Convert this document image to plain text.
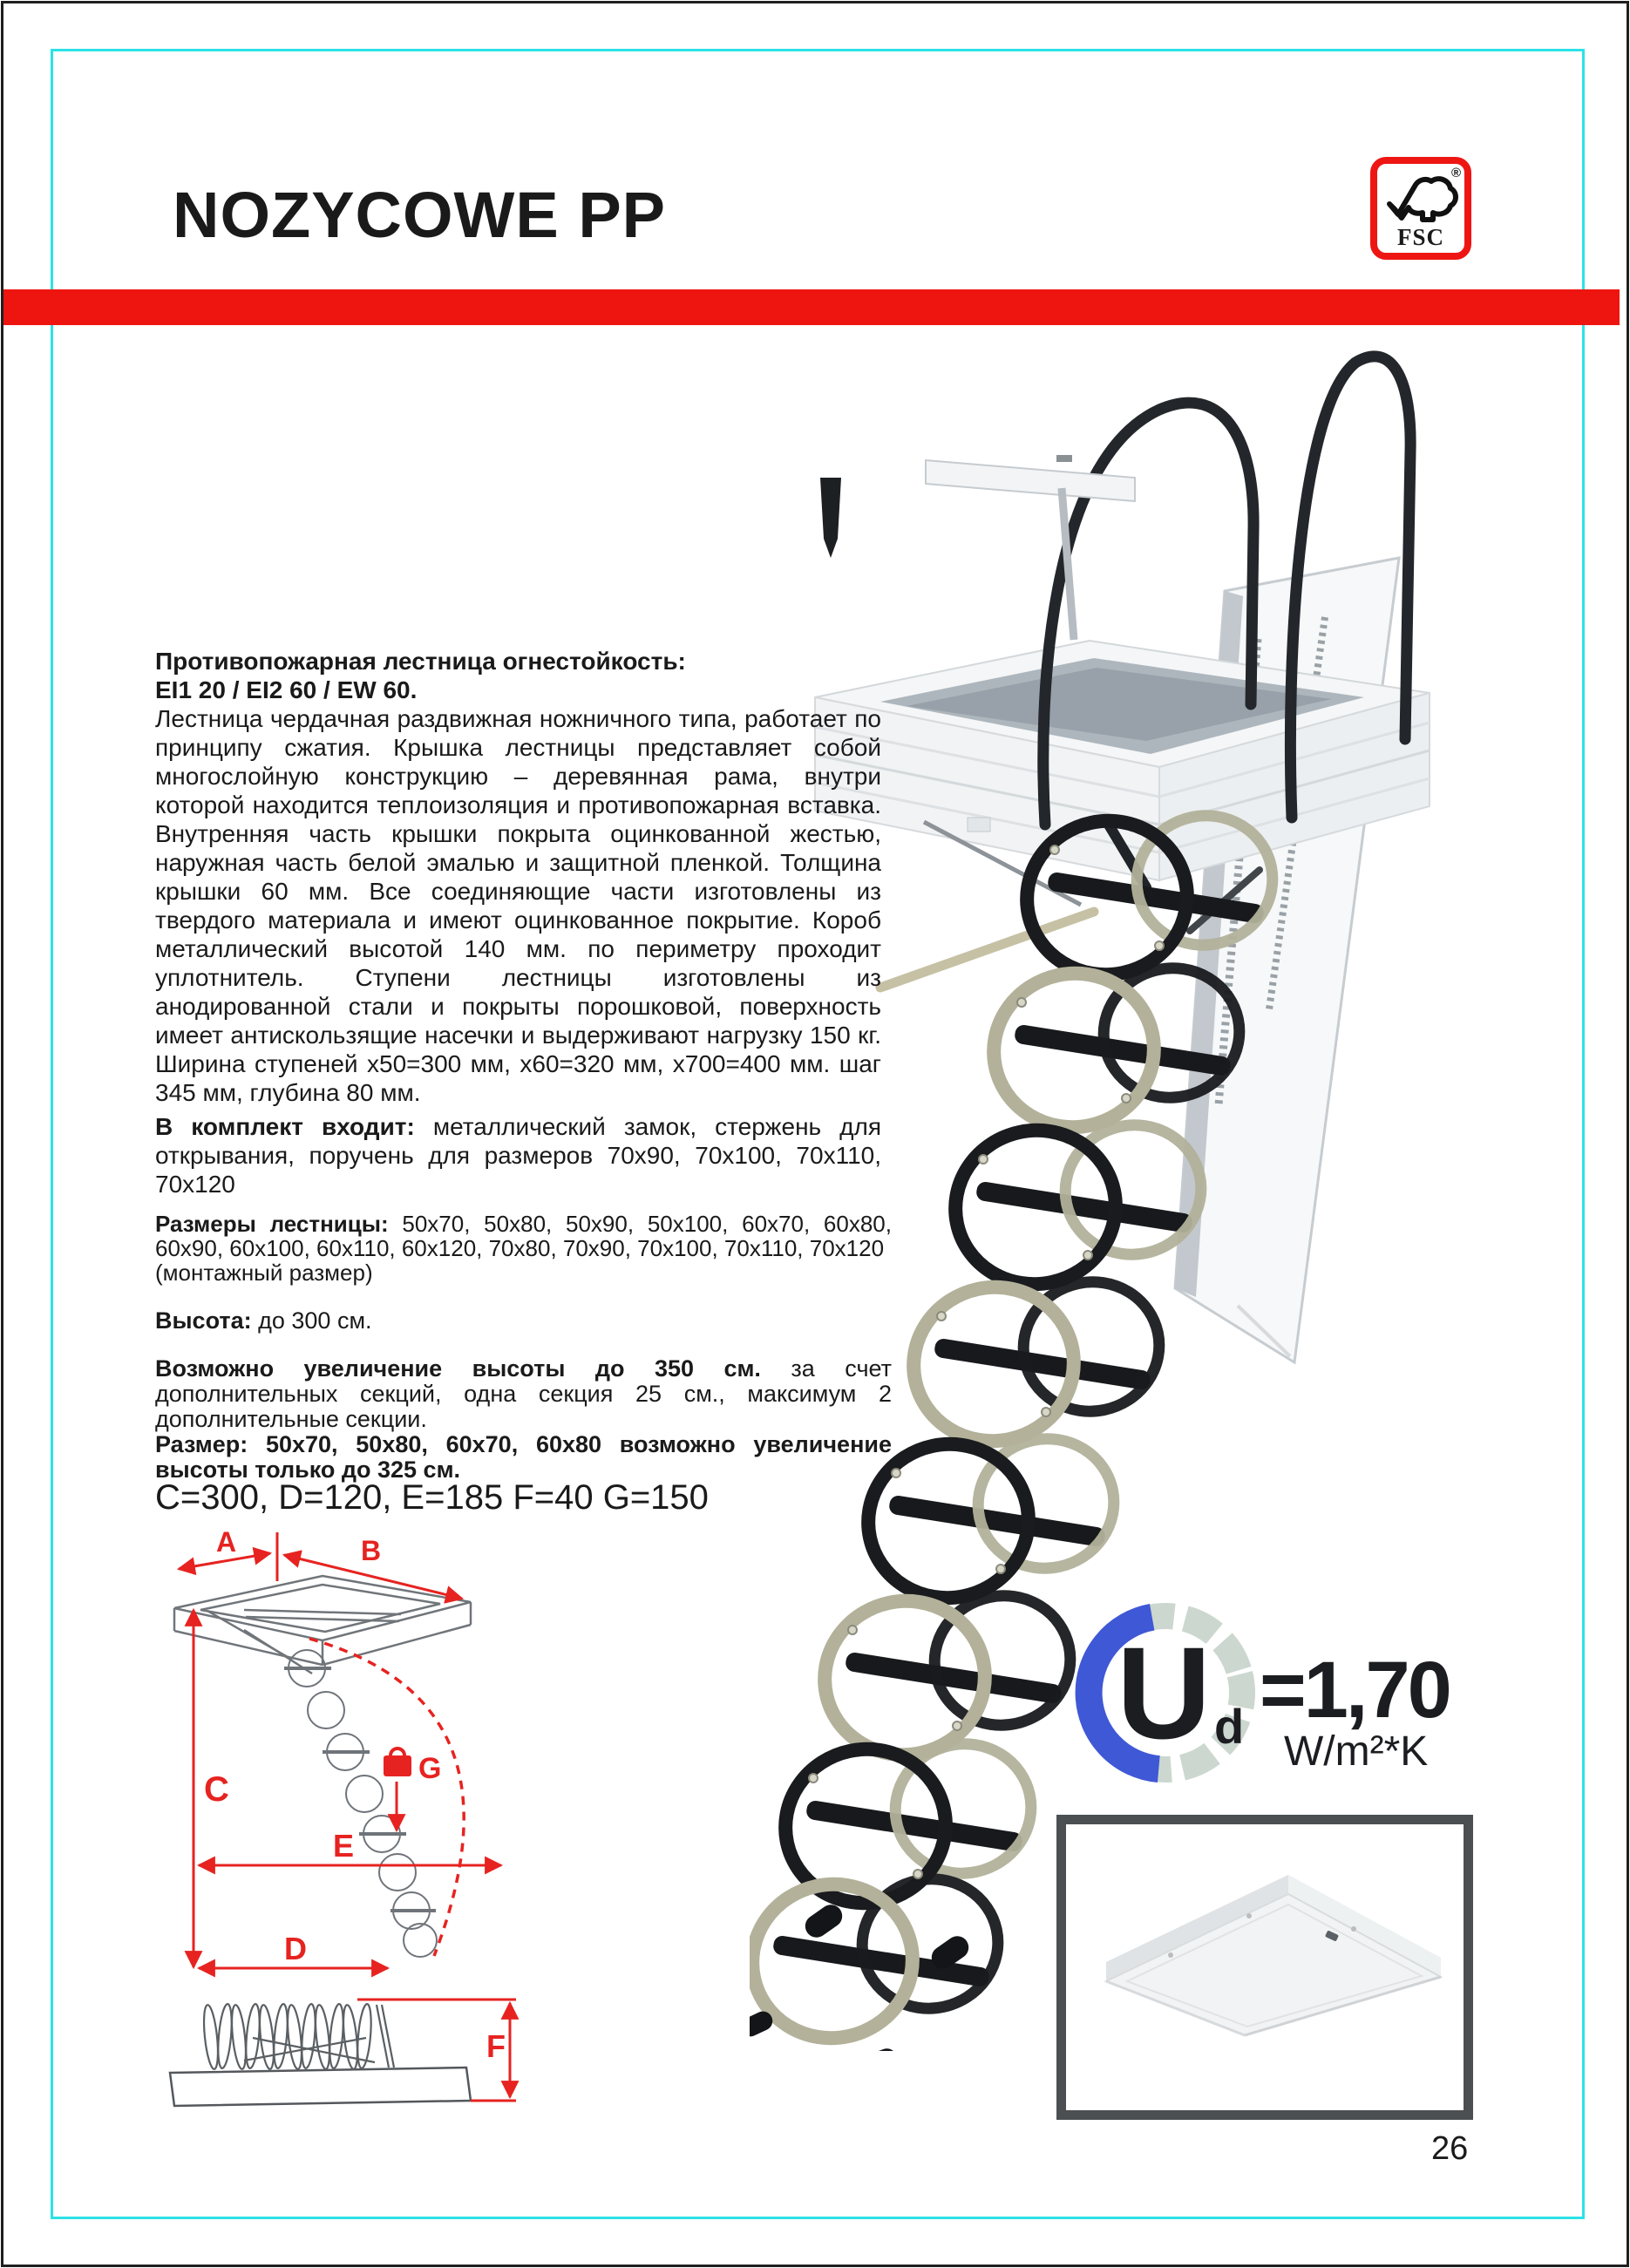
NOZYCOWE PP
®
FSC
Противопожарная лестница огнестойкость:
EI1 20 / EI2 60 / EW 60.
Лестница чердачная раздвижная ножничного типа, работает по принципу сжатия. Крышка лестницы представляет собой многослойную конструкцию – деревянная рама, внутри которой находится теплоизоляция и противопожарная вставка. Внутренняя часть крышки покрыта оцинкованной жестью, наружная часть белой эмалью и защитной пленкой. Толщина крышки 60 мм. Все соединяющие части изготовлены из твердого материала и имеют оцинкованное покрытие. Короб металлический высотой 140 мм. по периметру проходит уплотнитель. Ступени лестницы изготовлены из анодированной стали и покрыты порошковой, поверхность имеет антискользящие насечки и выдерживают нагрузку 150 кг. Ширина ступеней x50=300 мм, x60=320 мм, x700=400 мм. шаг 345 мм, глубина 80 мм.
В комплект входит: металлический замок, стержень для открывания, поручень для размеров 70x90, 70x100, 70x110, 70x120
Размеры лестницы: 50x70, 50x80, 50x90, 50x100, 60x70, 60x80, 60x90, 60x100, 60x110, 60x120, 70x80, 70x90, 70x100, 70x110, 70x120
(монтажный размер)
Высота: до 300 см.
Возможно увеличение высоты до 350 см. за счет дополнительных секций, одна секция 25 см., максимум 2 дополнительные секции.
Размер: 50x70, 50x80, 60x70, 60x80 возможно увеличение высоты только до 325 см.
C=300, D=120, E=185 F=40 G=150
A	B
C
D
E
G
F
U d =1,70
W/m²*K
26
